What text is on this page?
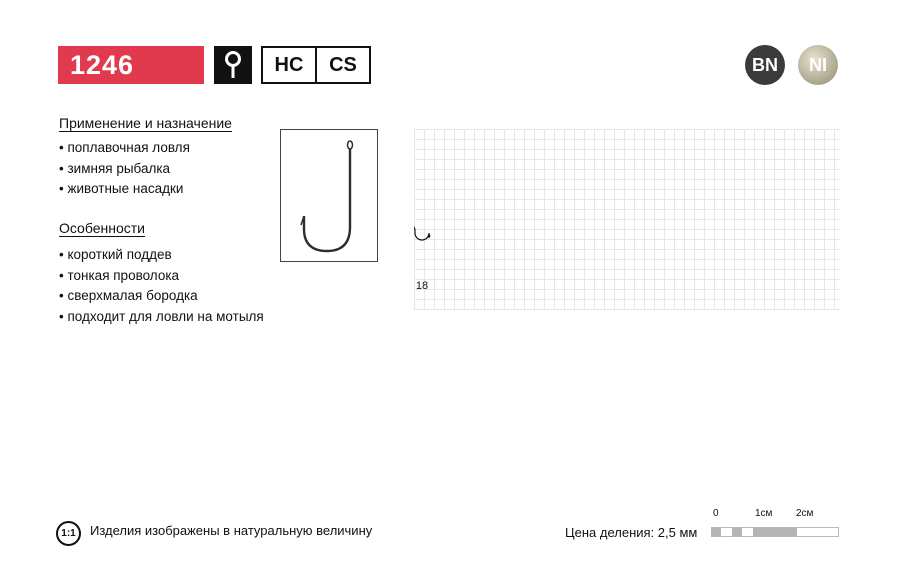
1246	HC	CS	BN	NI
Применение и назначение
• поплавочная ловля
• зимняя рыбалка
• животные насадки
Особенности
• короткий поддев
• тонкая проволока
• сверхмалая бородка
• подходит для ловли на мотыля
18
1:1	Изделия изображены в натуральную величину	Цена деления: 2,5 мм
0	1см 2см
